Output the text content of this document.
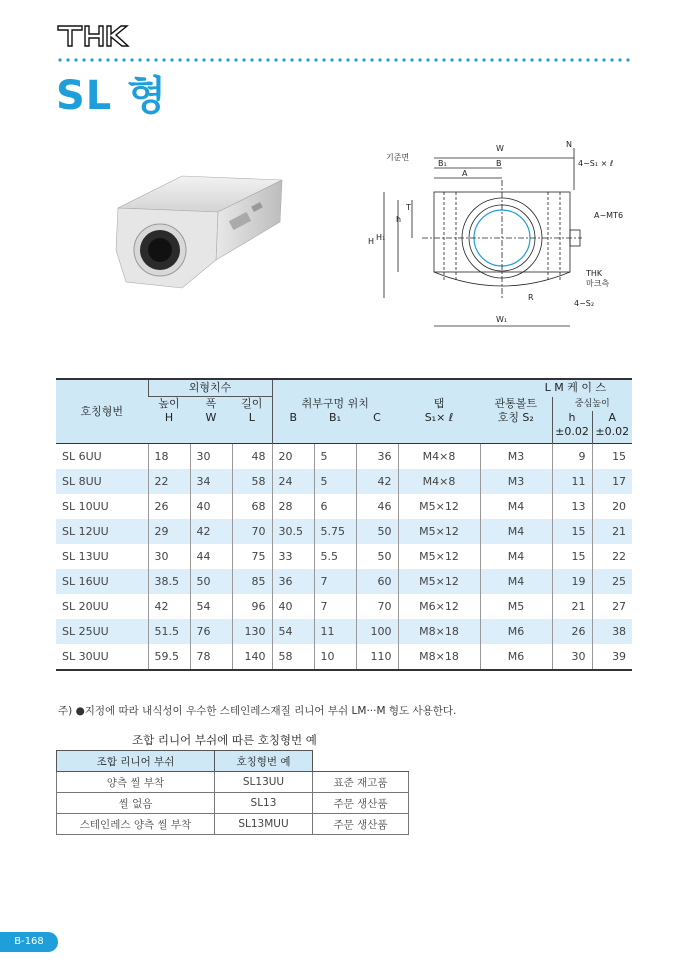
SL 형
기준면
W	N
B₁	B
A
4−S₁ × ℓ
T
h
H H₁
A−MT6
THK
마크측
R
4−S₂
W₁
호칭형번	외형치수			L M 케 이 스						
	높이	폭	길이	취부구멍 위치			탭	관통볼트	중심높이	
	H	W	L	B	B₁	C	S₁× ℓ	호칭 S₂	h	A
									±0.02	±0.02
SL 6UU	18	30	48	20	5	36	M4×8	M3	9	15
SL 8UU	22	34	58	24	5	42	M4×8	M3	11	17
SL 10UU	26	40	68	28	6	46	M5×12	M4	13	20
SL 12UU	29	42	70	30.5	5.75	50	M5×12	M4	15	21
SL 13UU	30	44	75	33	5.5	50	M5×12	M4	15	22
SL 16UU	38.5	50	85	36	7	60	M5×12	M4	19	25
SL 20UU	42	54	96	40	7	70	M6×12	M5	21	27
SL 25UU	51.5	76	130	54	11	100	M8×18	M6	26	38
SL 30UU	59.5	78	140	58	10	110	M8×18	M6	30	39
주) ●지정에 따라 내식성이 우수한 스테인레스재질 리니어 부쉬 LM···M 형도 사용한다.
조합 리니어 부쉬에 따른 호칭형번 예
조합 리니어 부쉬	호칭형번 예	
양측 씰 부착	SL13UU	표준 재고품
씰 없음	SL13	주문 생산품
스테인레스 양측 씰 부착	SL13MUU	주문 생산품
B-168
